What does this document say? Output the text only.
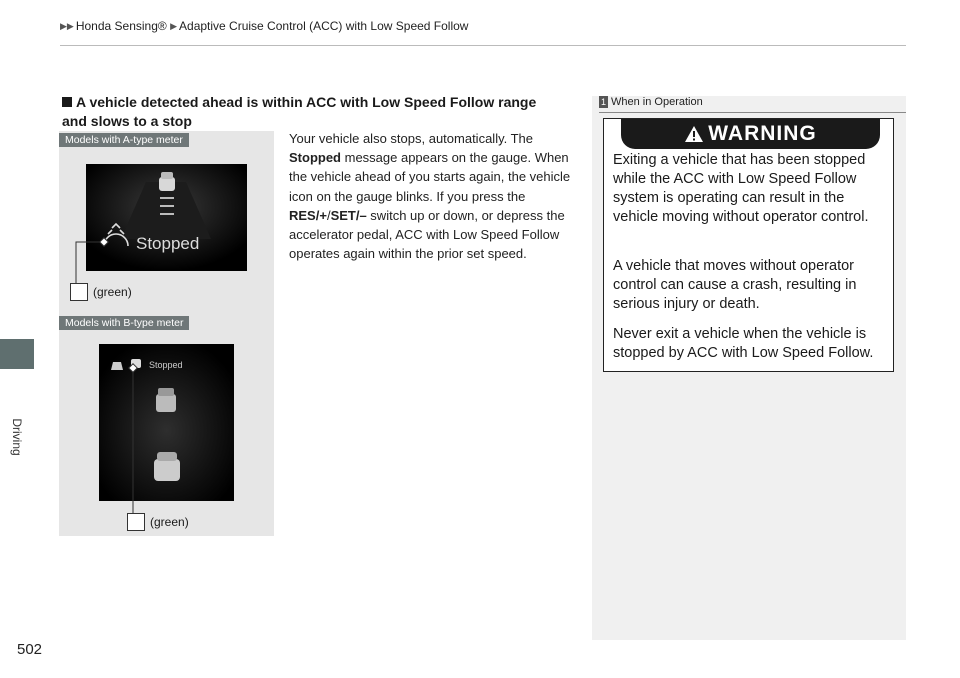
▶▶ Honda Sensing® ▶ Adaptive Cruise Control (ACC) with Low Speed Follow
Driving
502
A vehicle detected ahead is within ACC with Low Speed Follow range and slows to a stop
Models with A-type meter
Stopped
(green)
Models with B-type meter
Stopped
(green)
Your vehicle also stops, automatically. The Stopped message appears on the gauge. When the vehicle ahead of you starts again, the vehicle icon on the gauge blinks. If you press the RES/+/SET/– switch up or down, or depress the accelerator pedal, ACC with Low Speed Follow operates again within the prior set speed.
1 When in Operation
WARNING
Exiting a vehicle that has been stopped while the ACC with Low Speed Follow system is operating can result in the vehicle moving without operator control.
A vehicle that moves without operator control can cause a crash, resulting in serious injury or death.
Never exit a vehicle when the vehicle is stopped by ACC with Low Speed Follow.
